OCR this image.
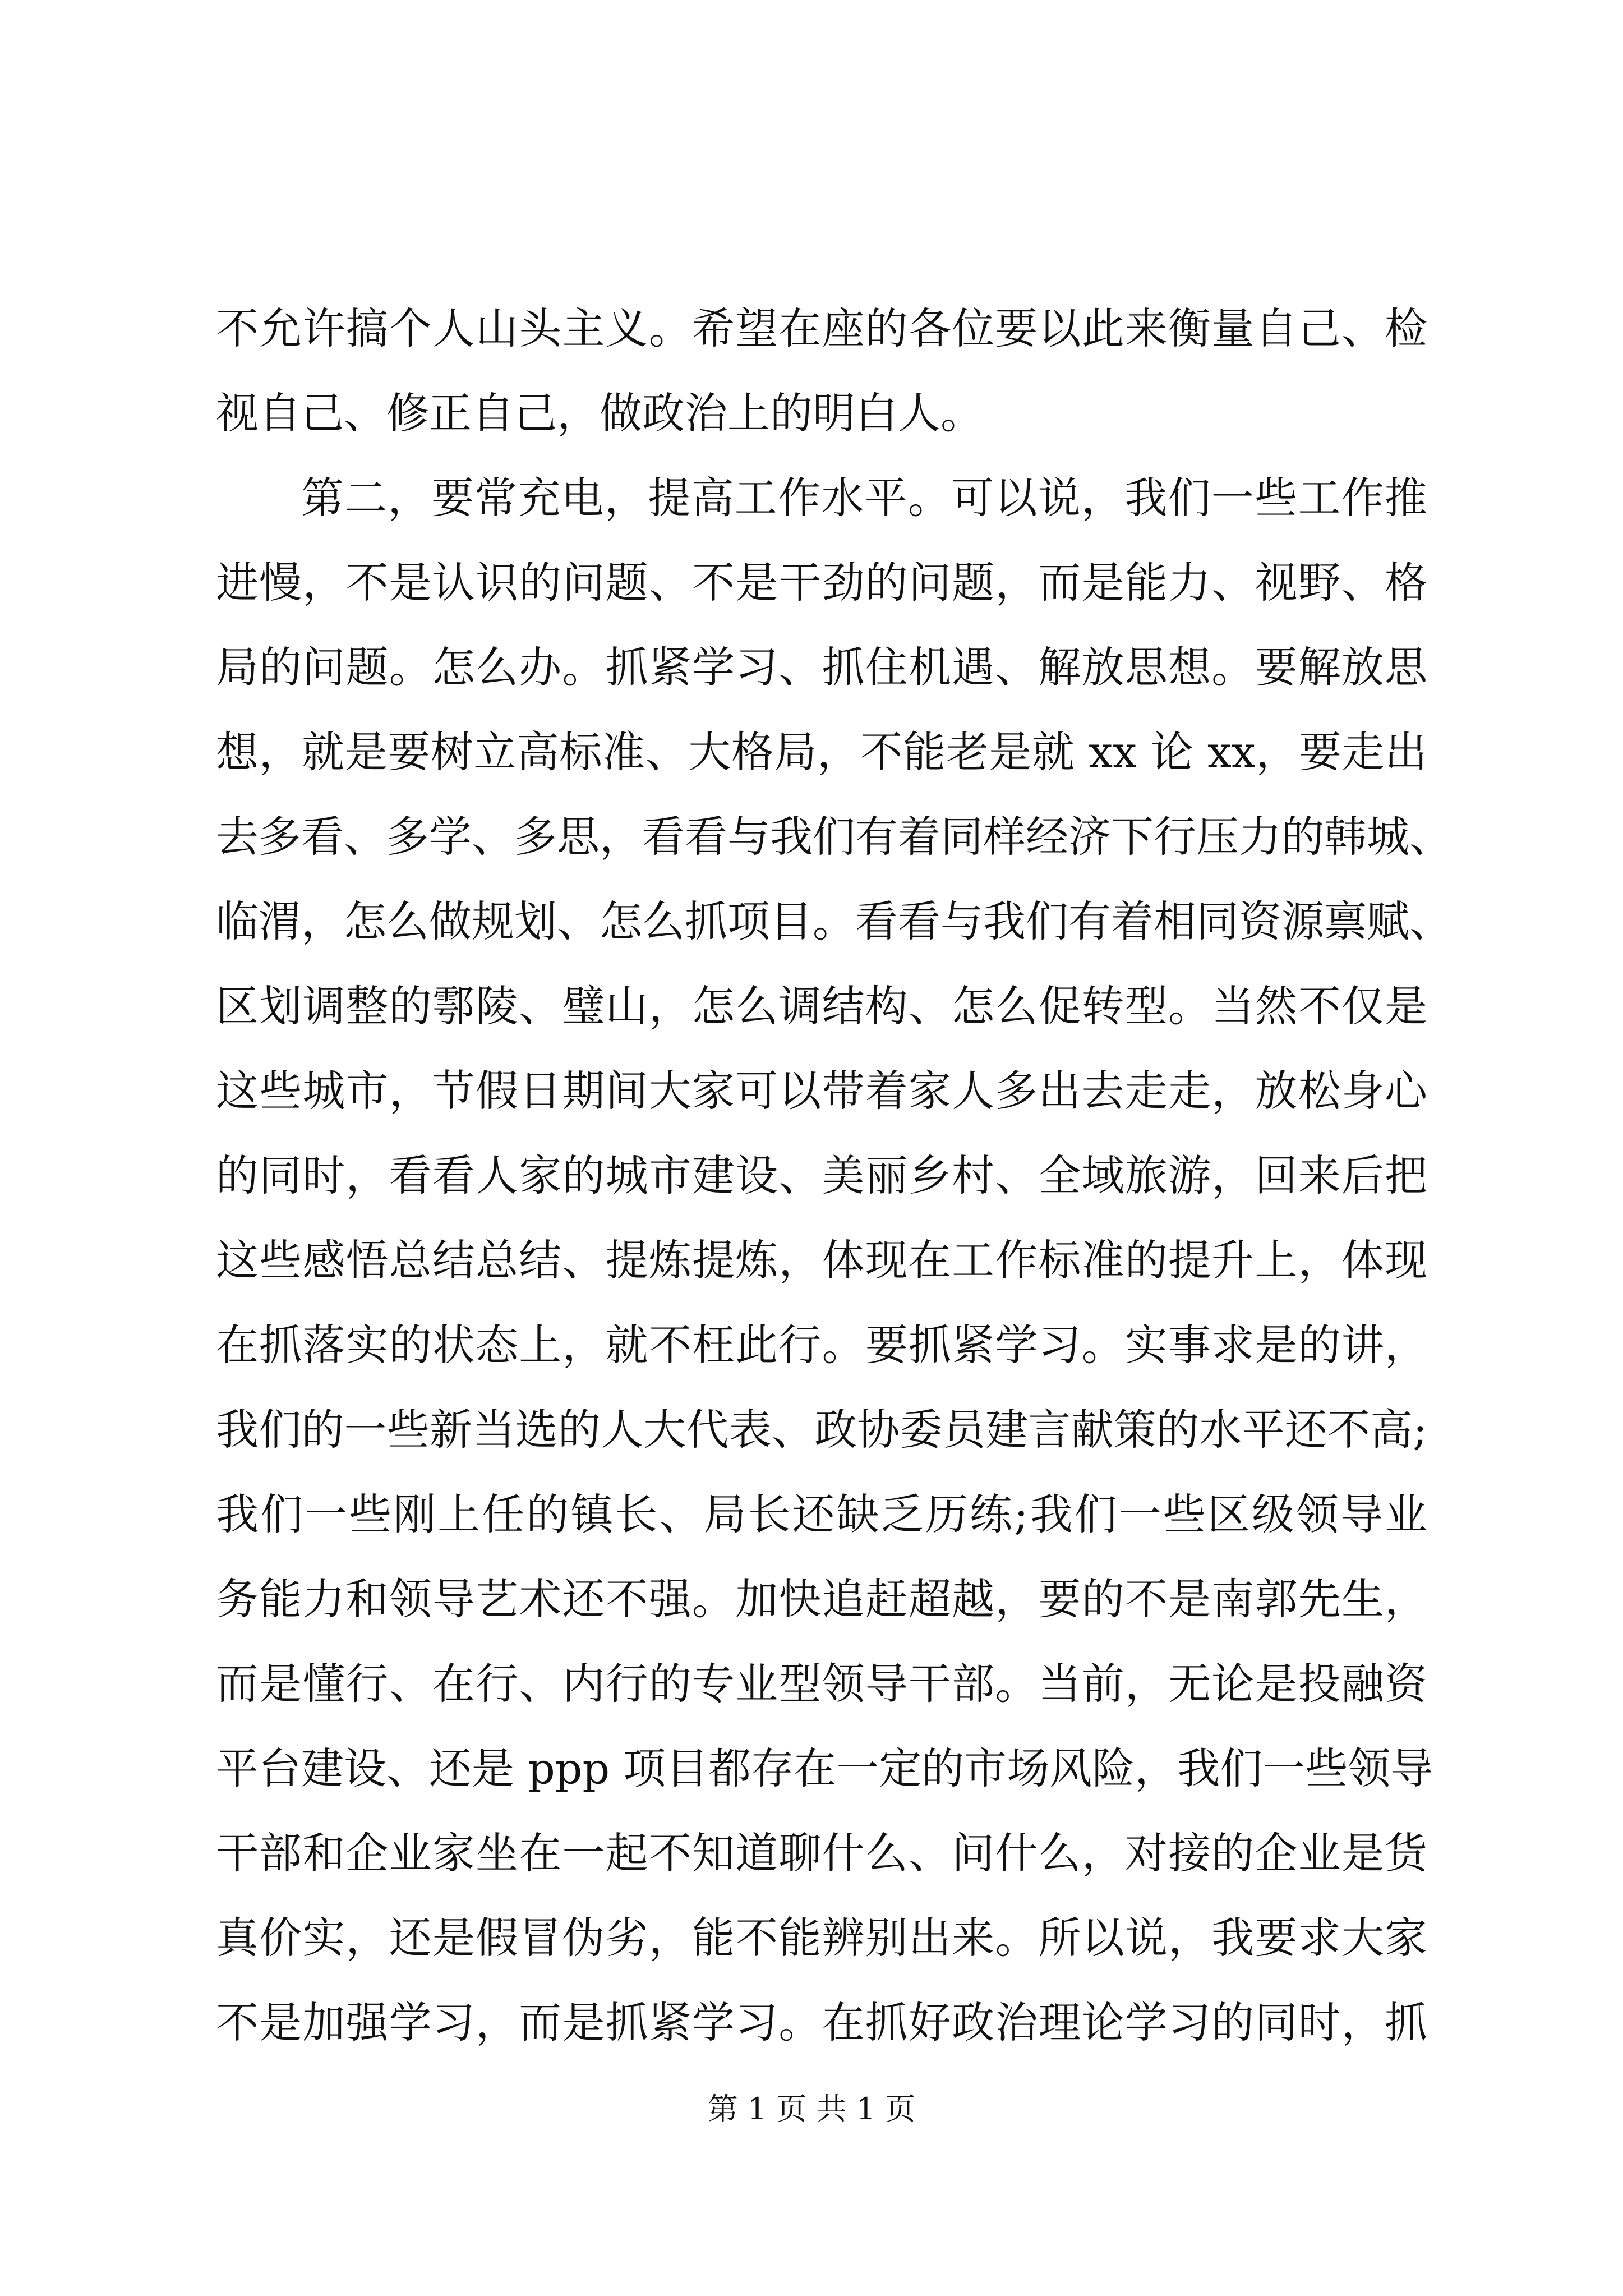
不允许搞个人山头主义。希望在座的各位要以此来衡量自己、检
视自己、修正自己，做政治上的明白人。
第二，要常充电，提高工作水平。可以说，我们一些工作推
进慢，不是认识的问题、不是干劲的问题，而是能力、视野、格
局的问题。怎么办。抓紧学习、抓住机遇、解放思想。要解放思
想，就是要树立高标准、大格局，不能老是就 xx 论 xx，要走出
去多看、多学、多思，看看与我们有着同样经济下行压力的韩城、
临渭，怎么做规划、怎么抓项目。看看与我们有着相同资源禀赋、
区划调整的鄠陵、璧山，怎么调结构、怎么促转型。当然不仅是
这些城市，节假日期间大家可以带着家人多出去走走，放松身心
的同时，看看人家的城市建设、美丽乡村、全域旅游，回来后把
这些感悟总结总结、提炼提炼，体现在工作标准的提升上，体现
在抓落实的状态上，就不枉此行。要抓紧学习。实事求是的讲，
我们的一些新当选的人大代表、政协委员建言献策的水平还不高;
我们一些刚上任的镇长、局长还缺乏历练;我们一些区级领导业
务能力和领导艺术还不强。加快追赶超越，要的不是南郭先生，
而是懂行、在行、内行的专业型领导干部。当前，无论是投融资
平台建设、还是 ppp 项目都存在一定的市场风险，我们一些领导
干部和企业家坐在一起不知道聊什么、问什么，对接的企业是货
真价实，还是假冒伪劣，能不能辨别出来。所以说，我要求大家
不是加强学习，而是抓紧学习。在抓好政治理论学习的同时，抓
第 1 页 共 1 页
